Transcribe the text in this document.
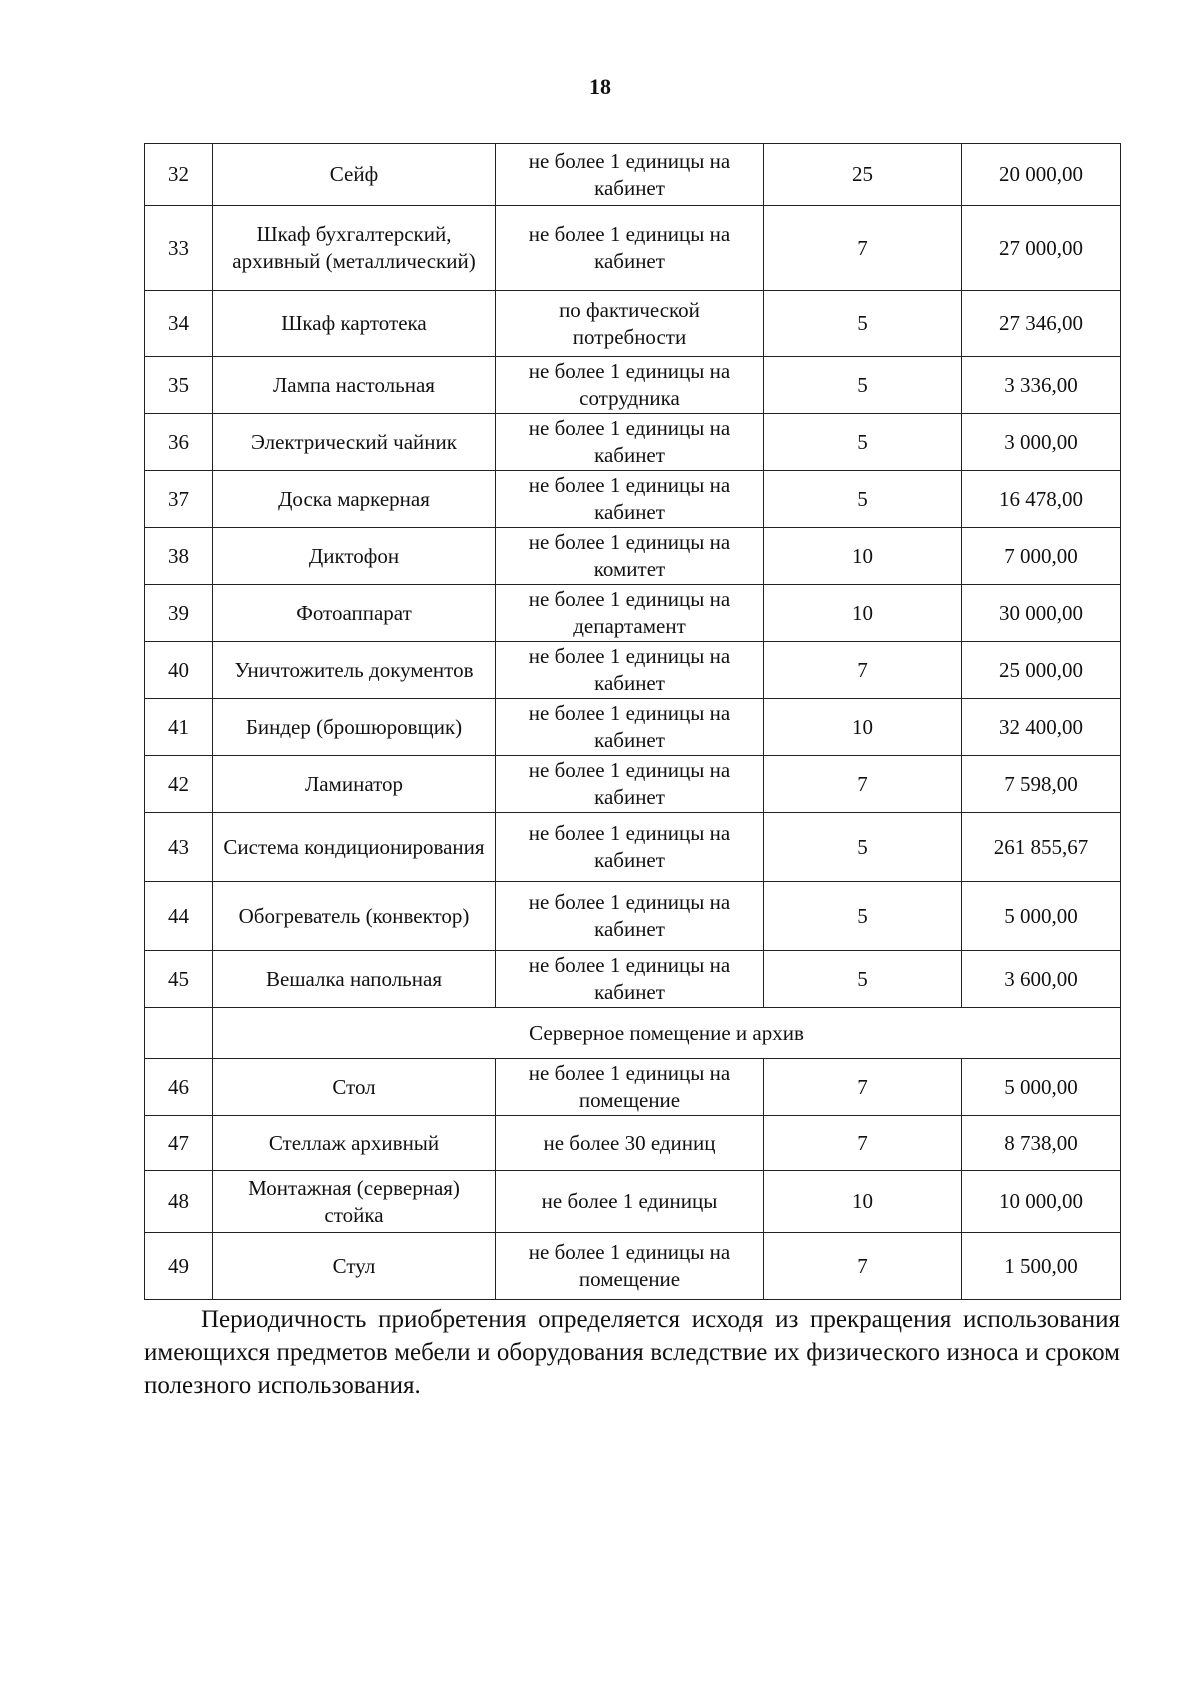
18
32	Сейф	не более 1 единицы на кабинет	25	20 000,00
33	Шкаф бухгалтерский, архивный (металлический)	не более 1 единицы на кабинет	7	27 000,00
34	Шкаф картотека	по фактической потребности	5	27 346,00
35	Лампа настольная	не более 1 единицы на сотрудника	5	3 336,00
36	Электрический чайник	не более 1 единицы на кабинет	5	3 000,00
37	Доска маркерная	не более 1 единицы на кабинет	5	16 478,00
38	Диктофон	не более 1 единицы на комитет	10	7 000,00
39	Фотоаппарат	не более 1 единицы на департамент	10	30 000,00
40	Уничтожитель документов	не более 1 единицы на кабинет	7	25 000,00
41	Биндер (брошюровщик)	не более 1 единицы на кабинет	10	32 400,00
42	Ламинатор	не более 1 единицы на кабинет	7	7 598,00
43	Система кондиционирования	не более 1 единицы на кабинет	5	261 855,67
44	Обогреватель (конвектор)	не более 1 единицы на кабинет	5	5 000,00
45	Вешалка напольная	не более 1 единицы на кабинет	5	3 600,00
	Серверное помещение и архив			
46	Стол	не более 1 единицы на помещение	7	5 000,00
47	Стеллаж архивный	не более 30 единиц	7	8 738,00
48	Монтажная (серверная) стойка	не более 1 единицы	10	10 000,00
49	Стул	не более 1 единицы на помещение	7	1 500,00

Периодичность приобретения определяется исходя из прекращения использования имеющихся предметов мебели и оборудования вследствие их физического износа и сроком полезного использования.
